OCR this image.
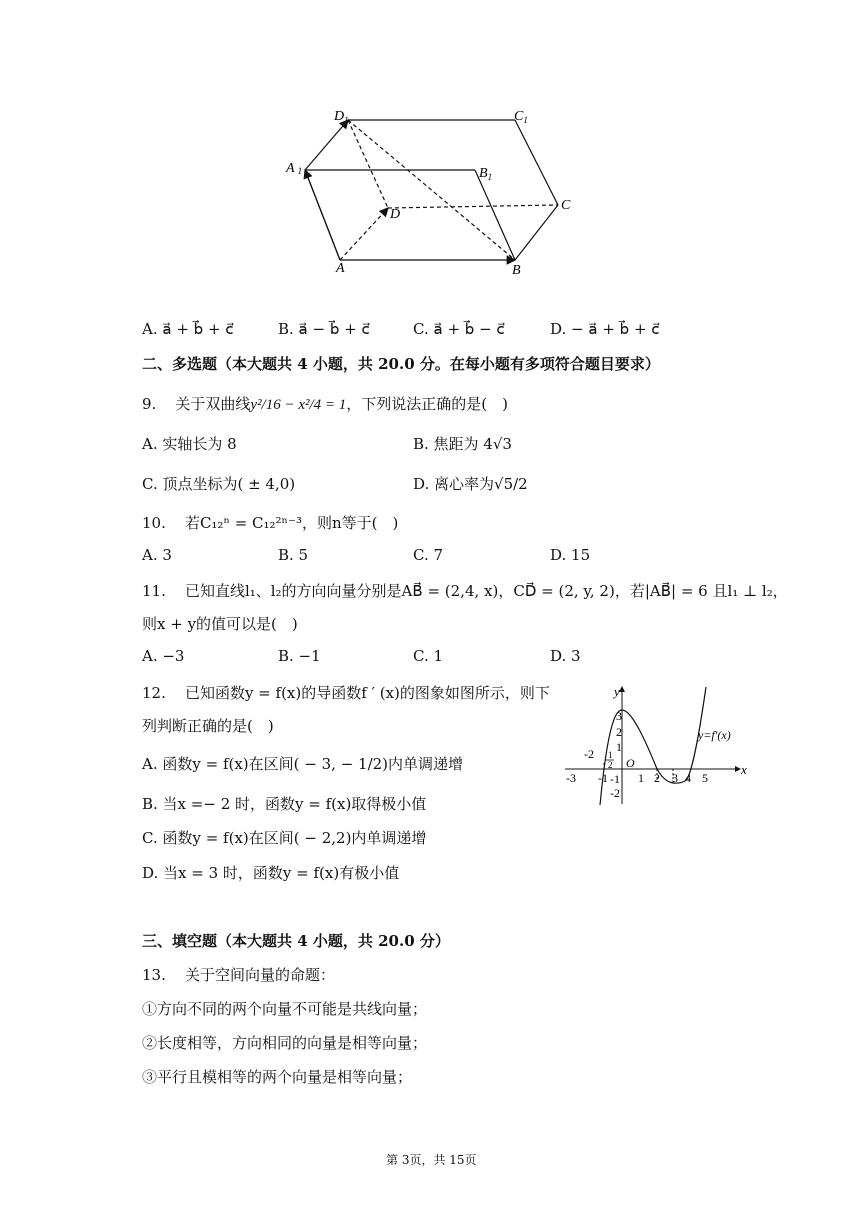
$D_1$	$C_1$
A 1	$B_1$
D
C
A	B
A. a⃗ + b⃗ + c⃗	B. a⃗ − b⃗ + c⃗	C. a⃗ + b⃗ − c⃗	D. − a⃗ + b⃗ + c⃗
二、多选题（本大题共 4 小题，共 20.0 分。在每小题有多项符合题目要求）
9. 关于双曲线y²/16 − x²/4 = 1，下列说法正确的是(　)
A. 实轴长为 8	B. 焦距为 4√3
C. 顶点坐标为( ± 4,0)	D. 离心率为√5/2
10. 若C₁₂ⁿ = C₁₂²ⁿ⁻³，则n等于(　)
A. 3	B. 5	C. 7	D. 15
11. 已知直线l₁、l₂的方向向量分别是AB⃗ = (2,4, x)，CD⃗ = (2, y, 2)，若|AB⃗| = 6 且l₁ ⊥ l₂，
则x + y的值可以是(　)
A. −3	B. −1	C. 1	D. 3
12. 已知函数y = f(x)的导函数f ′ (x)的图象如图所示，则下
列判断正确的是(　)
A. 函数y = f(x)在区间( − 3, − 1/2)内单调递增
B. 当x =− 2 时，函数y = f(x)取得极小值
C. 函数y = f(x)在区间( − 2,2)内单调递增
D. 当x = 3 时，函数y = f(x)有极小值
y
x
O
y=f′(x)
-3
-2
-1	1 2 3 4 5
3
2
1
-1
-2
1
2
三、填空题（本大题共 4 小题，共 20.0 分）
13. 关于空间向量的命题：
①方向不同的两个向量不可能是共线向量；
②长度相等，方向相同的向量是相等向量；
③平行且模相等的两个向量是相等向量；
第 3页，共 15页
